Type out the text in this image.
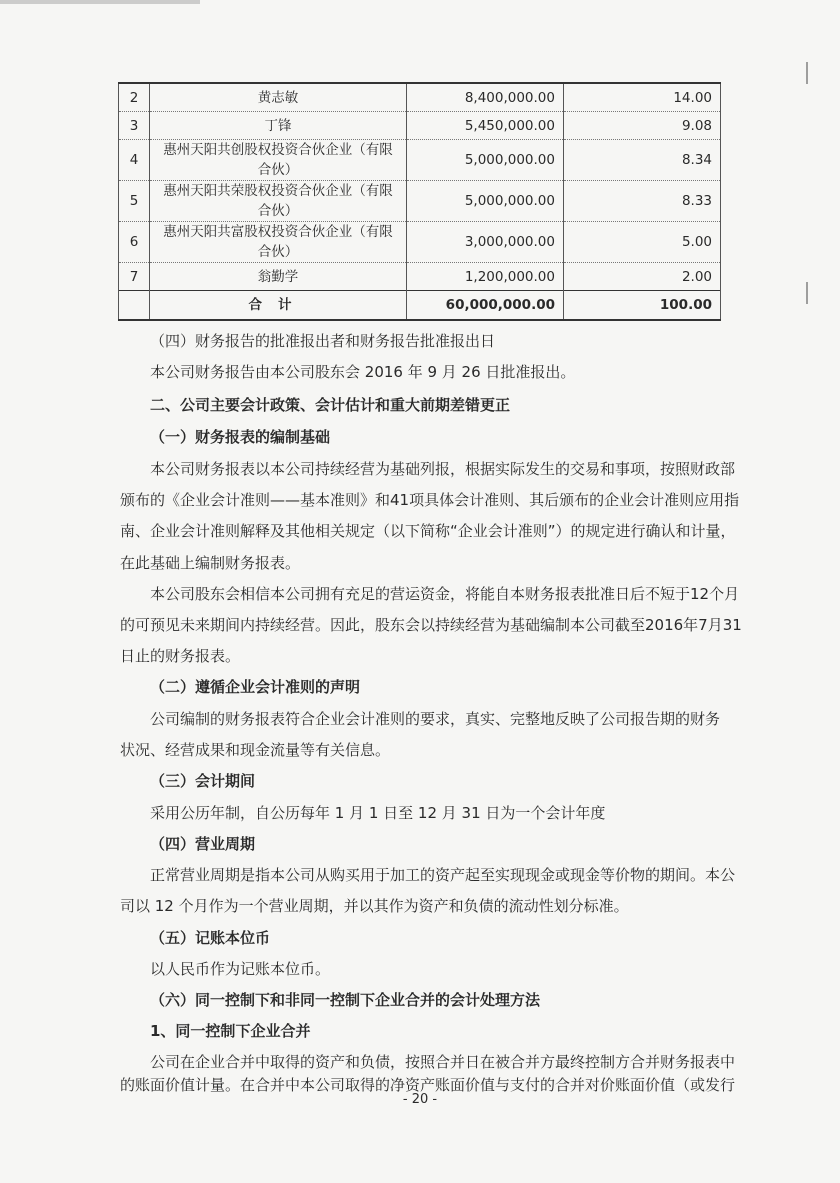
2	黄志敏	8,400,000.00	14.00
3	丁锋	5,450,000.00	9.08
4	惠州天阳共创股权投资合伙企业（有限合伙）	5,000,000.00	8.34
5	惠州天阳共荣股权投资合伙企业（有限合伙）	5,000,000.00	8.33
6	惠州天阳共富股权投资合伙企业（有限合伙）	3,000,000.00	5.00
7	翁勤学	1,200,000.00	2.00
	合计	60,000,000.00	100.00
（四）财务报告的批准报出者和财务报告批准报出日
本公司财务报告由本公司股东会 2016 年 9 月 26 日批准报出。
二、公司主要会计政策、会计估计和重大前期差错更正
（一）财务报表的编制基础
本公司财务报表以本公司持续经营为基础列报，根据实际发生的交易和事项，按照财政部
颁布的《企业会计准则——基本准则》和41项具体会计准则、其后颁布的企业会计准则应用指
南、企业会计准则解释及其他相关规定（以下简称“企业会计准则”）的规定进行确认和计量，
在此基础上编制财务报表。
本公司股东会相信本公司拥有充足的营运资金，将能自本财务报表批准日后不短于12个月
的可预见未来期间内持续经营。因此，股东会以持续经营为基础编制本公司截至2016年7月31
日止的财务报表。
（二）遵循企业会计准则的声明
公司编制的财务报表符合企业会计准则的要求，真实、完整地反映了公司报告期的财务
状况、经营成果和现金流量等有关信息。
（三）会计期间
采用公历年制，自公历每年 1 月 1 日至 12 月 31 日为一个会计年度
（四）营业周期
正常营业周期是指本公司从购买用于加工的资产起至实现现金或现金等价物的期间。本公
司以 12 个月作为一个营业周期，并以其作为资产和负债的流动性划分标准。
（五）记账本位币
以人民币作为记账本位币。
（六）同一控制下和非同一控制下企业合并的会计处理方法
1、同一控制下企业合并
公司在企业合并中取得的资产和负债，按照合并日在被合并方最终控制方合并财务报表中
的账面价值计量。在合并中本公司取得的净资产账面价值与支付的合并对价账面价值（或发行
- 20 -
